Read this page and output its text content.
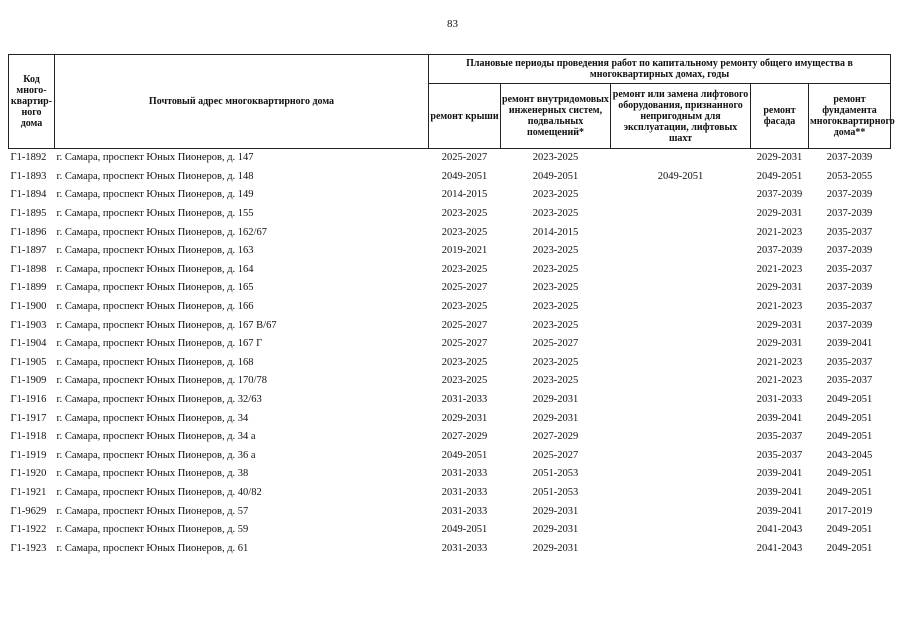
83
Код много-квартир-ного дома	Почтовый адрес многоквартирного дома	Плановые периоды проведения работ по капитальному ремонту общего имущества в многоквартирных домах, годы				
		ремонт крыши	ремонт внутридомовых инженерных систем, подвальных помещений*	ремонт или замена лифтового оборудования, признанного непригодным для эксплуатации, лифтовых шахт	ремонт фасада	ремонт фундамента многоквартирного дома**
Г1-1892	г. Самара, проспект Юных Пионеров, д. 147	2025-2027	2023-2025		2029-2031	2037-2039
Г1-1893	г. Самара, проспект Юных Пионеров, д. 148	2049-2051	2049-2051	2049-2051	2049-2051	2053-2055
Г1-1894	г. Самара, проспект Юных Пионеров, д. 149	2014-2015	2023-2025		2037-2039	2037-2039
Г1-1895	г. Самара, проспект Юных Пионеров, д. 155	2023-2025	2023-2025		2029-2031	2037-2039
Г1-1896	г. Самара, проспект Юных Пионеров, д. 162/67	2023-2025	2014-2015		2021-2023	2035-2037
Г1-1897	г. Самара, проспект Юных Пионеров, д. 163	2019-2021	2023-2025		2037-2039	2037-2039
Г1-1898	г. Самара, проспект Юных Пионеров, д. 164	2023-2025	2023-2025		2021-2023	2035-2037
Г1-1899	г. Самара, проспект Юных Пионеров, д. 165	2025-2027	2023-2025		2029-2031	2037-2039
Г1-1900	г. Самара, проспект Юных Пионеров, д. 166	2023-2025	2023-2025		2021-2023	2035-2037
Г1-1903	г. Самара, проспект Юных Пионеров, д. 167 В/67	2025-2027	2023-2025		2029-2031	2037-2039
Г1-1904	г. Самара, проспект Юных Пионеров, д. 167 Г	2025-2027	2025-2027		2029-2031	2039-2041
Г1-1905	г. Самара, проспект Юных Пионеров, д. 168	2023-2025	2023-2025		2021-2023	2035-2037
Г1-1909	г. Самара, проспект Юных Пионеров, д. 170/78	2023-2025	2023-2025		2021-2023	2035-2037
Г1-1916	г. Самара, проспект Юных Пионеров, д. 32/63	2031-2033	2029-2031		2031-2033	2049-2051
Г1-1917	г. Самара, проспект Юных Пионеров, д. 34	2029-2031	2029-2031		2039-2041	2049-2051
Г1-1918	г. Самара, проспект Юных Пионеров, д. 34 а	2027-2029	2027-2029		2035-2037	2049-2051
Г1-1919	г. Самара, проспект Юных Пионеров, д. 36 а	2049-2051	2025-2027		2035-2037	2043-2045
Г1-1920	г. Самара, проспект Юных Пионеров, д. 38	2031-2033	2051-2053		2039-2041	2049-2051
Г1-1921	г. Самара, проспект Юных Пионеров, д. 40/82	2031-2033	2051-2053		2039-2041	2049-2051
Г1-9629	г. Самара, проспект Юных Пионеров, д. 57	2031-2033	2029-2031		2039-2041	2017-2019
Г1-1922	г. Самара, проспект Юных Пионеров, д. 59	2049-2051	2029-2031		2041-2043	2049-2051
Г1-1923	г. Самара, проспект Юных Пионеров, д. 61	2031-2033	2029-2031		2041-2043	2049-2051
